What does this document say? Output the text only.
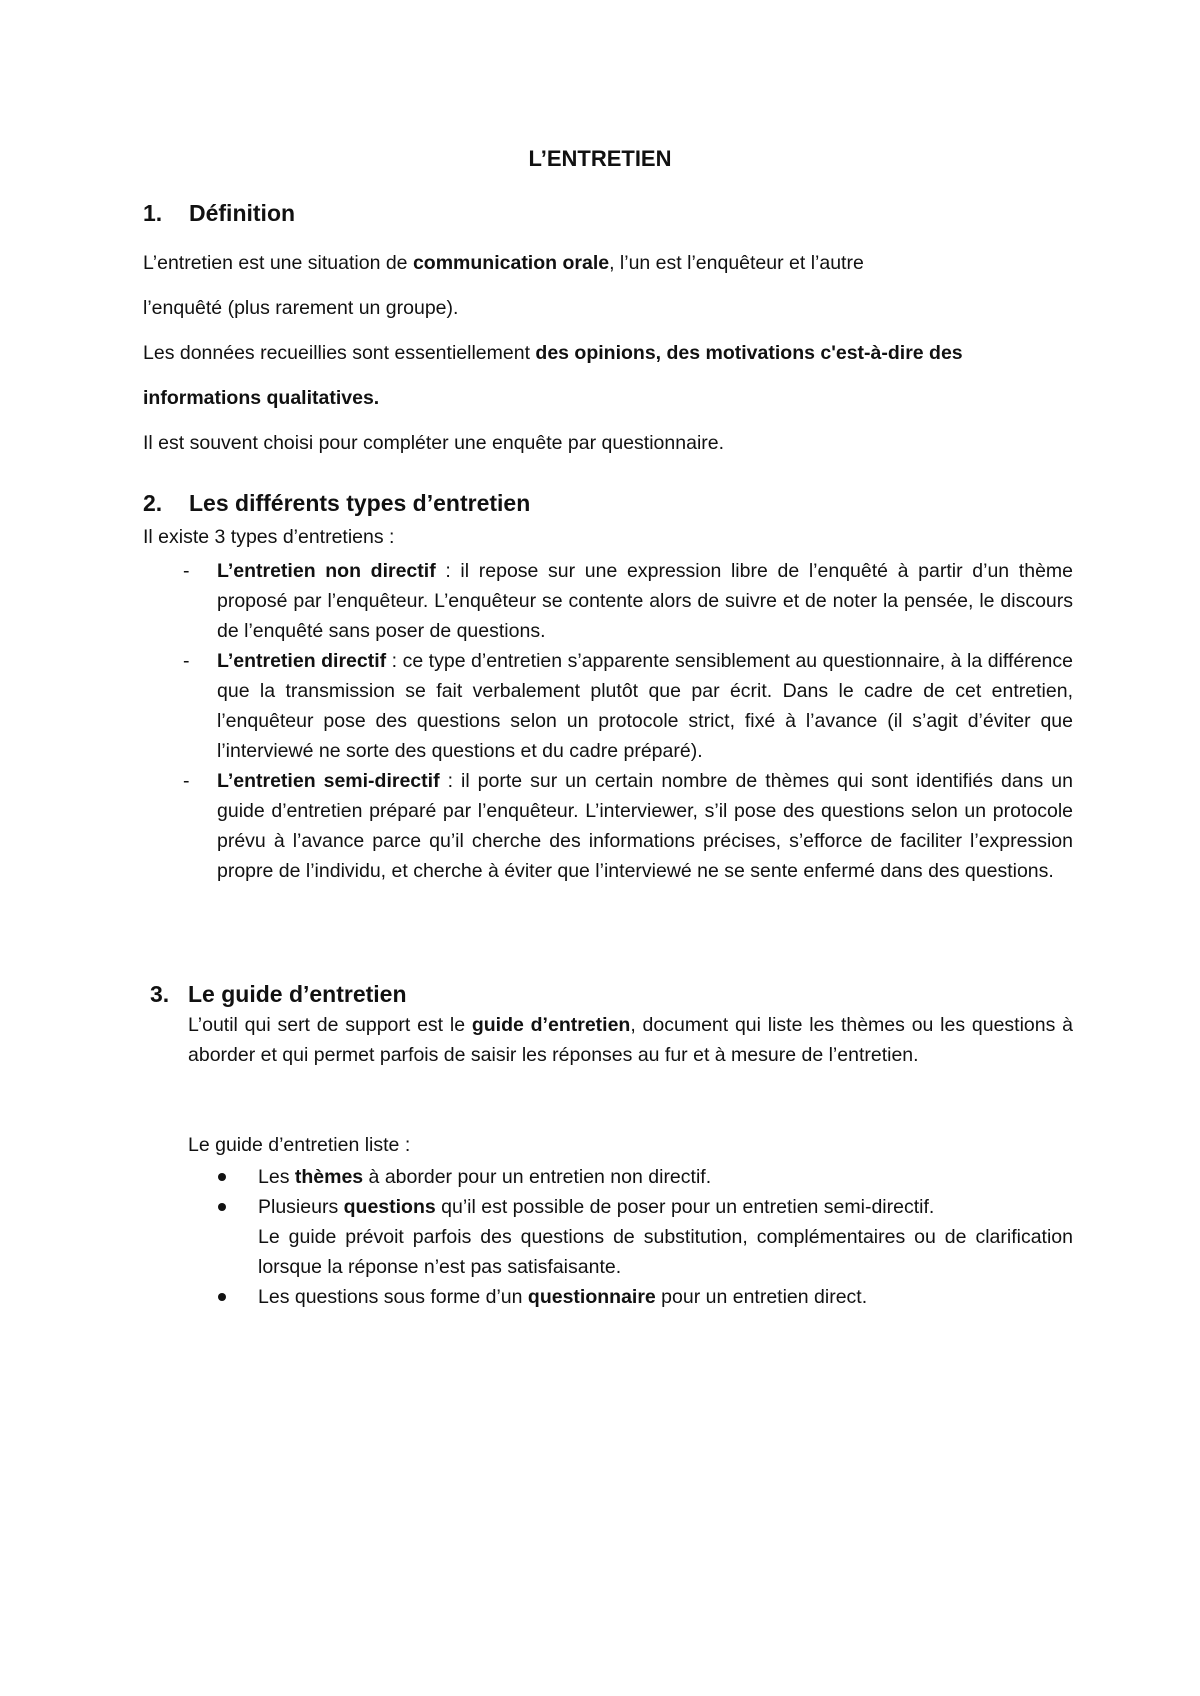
L’ENTRETIEN
1. Définition
L’entretien est une situation de communication orale, l’un est l’enquêteur et l’autre
l’enquêté (plus rarement un groupe).
Les données recueillies sont essentiellement des opinions, des motivations c'est-à-dire des
informations qualitatives.
Il est souvent choisi pour compléter une enquête par questionnaire.
2. Les différents types d’entretien
Il existe 3 types d’entretiens :
- L’entretien non directif : il repose sur une expression libre de l’enquêté à partir d’un thème proposé par l’enquêteur. L’enquêteur se contente alors de suivre et de noter la pensée, le discours de l’enquêté sans poser de questions.
- L’entretien directif : ce type d’entretien s’apparente sensiblement au questionnaire, à la différence que la transmission se fait verbalement plutôt que par écrit. Dans le cadre de cet entretien, l’enquêteur pose des questions selon un protocole strict, fixé à l’avance (il s’agit d’éviter que l’interviewé ne sorte des questions et du cadre préparé).
- L’entretien semi-directif : il porte sur un certain nombre de thèmes qui sont identifiés dans un guide d’entretien préparé par l’enquêteur. L’interviewer, s’il pose des questions selon un protocole prévu à l’avance parce qu’il cherche des informations précises, s’efforce de faciliter l’expression propre de l’individu, et cherche à éviter que l’interviewé ne se sente enfermé dans des questions.
3. Le guide d’entretien
L’outil qui sert de support est le guide d’entretien, document qui liste les thèmes ou les questions à aborder et qui permet parfois de saisir les réponses au fur et à mesure de l’entretien.
Le guide d’entretien liste :
Les thèmes à aborder pour un entretien non directif.
Plusieurs questions qu’il est possible de poser pour un entretien semi-directif.
Le guide prévoit parfois des questions de substitution, complémentaires ou de clarification lorsque la réponse n’est pas satisfaisante.
Les questions sous forme d’un questionnaire pour un entretien direct.
